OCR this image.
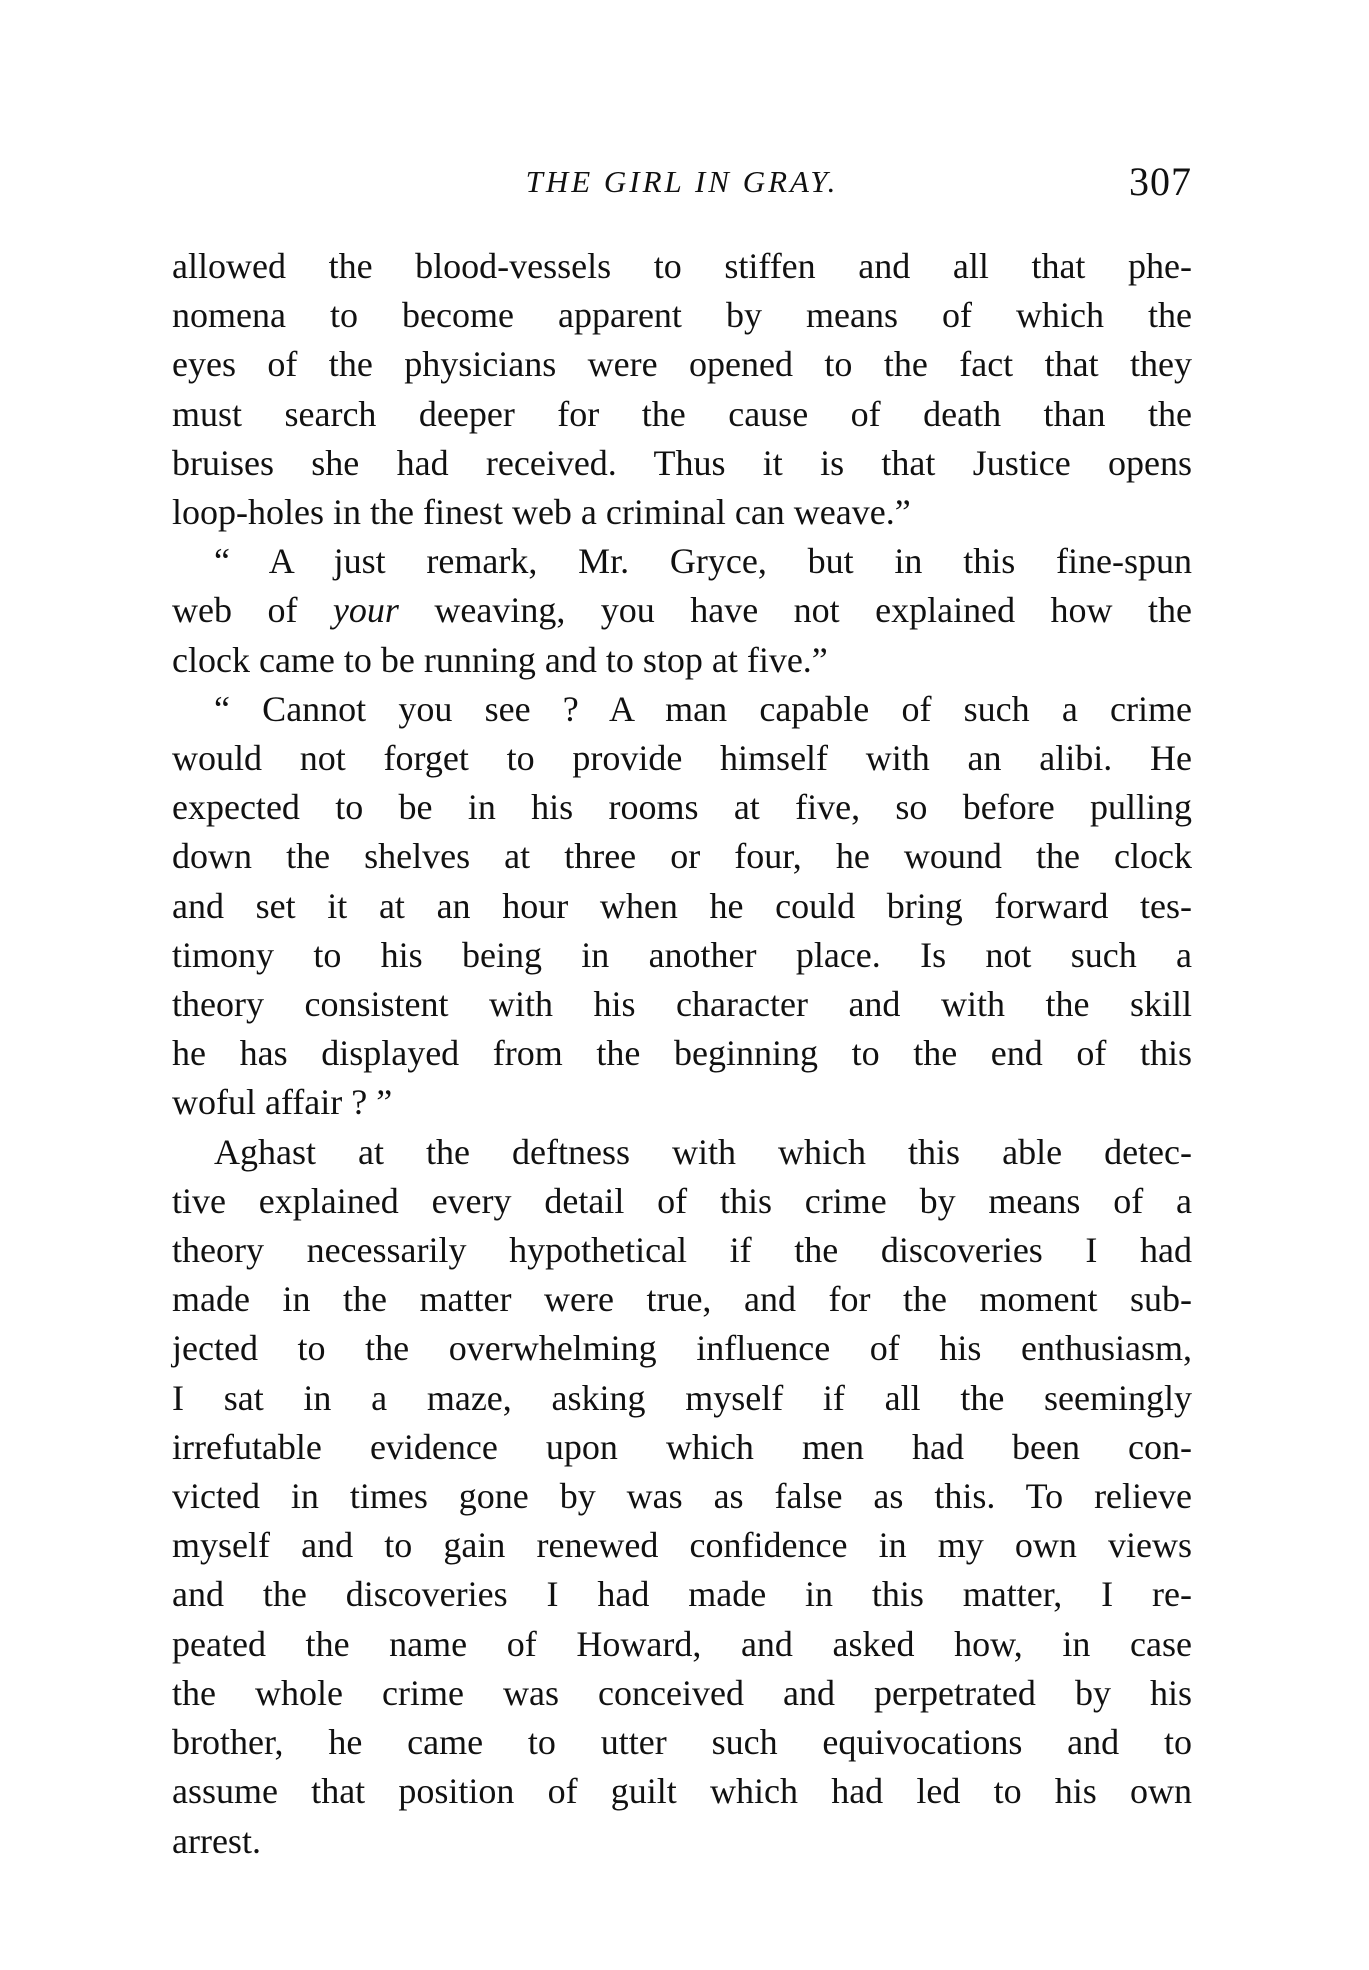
THE GIRL IN GRAY.	307

allowed the blood-vessels to stiffen and all that phe-
nomena to become apparent by means of which the
eyes of the physicians were opened to the fact that they
must search deeper for the cause of death than the
bruises she had received. Thus it is that Justice opens
loop-holes in the finest web a criminal can weave.”

“ A just remark, Mr. Gryce, but in this fine-spun
web of your weaving, you have not explained how the
clock came to be running and to stop at five.”

“ Cannot you see ? A man capable of such a crime
would not forget to provide himself with an alibi. He
expected to be in his rooms at five, so before pulling
down the shelves at three or four, he wound the clock
and set it at an hour when he could bring forward tes-
timony to his being in another place. Is not such a
theory consistent with his character and with the skill
he has displayed from the beginning to the end of this
woful affair ? ”

Aghast at the deftness with which this able detec-
tive explained every detail of this crime by means of a
theory necessarily hypothetical if the discoveries I had
made in the matter were true, and for the moment sub-
jected to the overwhelming influence of his enthusiasm,
I sat in a maze, asking myself if all the seemingly
irrefutable evidence upon which men had been con-
victed in times gone by was as false as this. To relieve
myself and to gain renewed confidence in my own views
and the discoveries I had made in this matter, I re-
peated the name of Howard, and asked how, in case
the whole crime was conceived and perpetrated by his
brother, he came to utter such equivocations and to
assume that position of guilt which had led to his own
arrest.
